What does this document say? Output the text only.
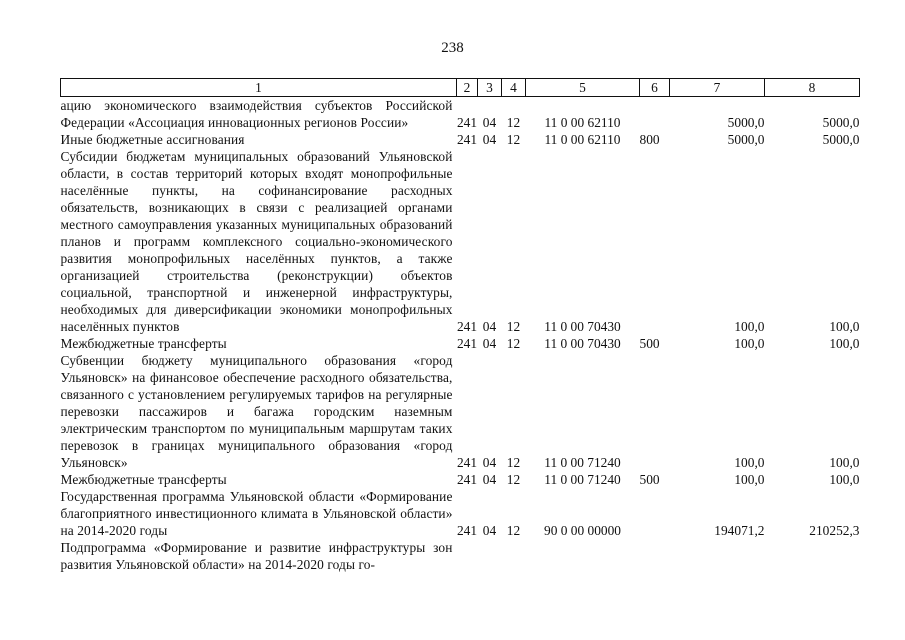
238
1	2	3	4	5	6	7	8
ацию экономического взаимодействия субъектов Российской Федерации «Ассоциация инновационных регионов России»	241	04	12	11 0 00 62110		5000,0	5000,0
Иные бюджетные ассигнования	241	04	12	11 0 00 62110	800	5000,0	5000,0
Субсидии бюджетам муниципальных образований Ульяновской области, в состав территорий которых входят монопрофильные населённые пункты, на софинансирование расходных обязательств, возникающих в связи с реализацией органами местного самоуправления указанных муниципальных образований планов и программ комплексного социально-экономического развития монопрофильных населённых пунктов, а также организацией строительства (реконструкции) объектов социальной, транспортной и инженерной инфраструктуры, необходимых для диверсификации экономики монопрофильных населённых пунктов	241	04	12	11 0 00 70430		100,0	100,0
Межбюджетные трансферты	241	04	12	11 0 00 70430	500	100,0	100,0
Субвенции бюджету муниципального образования «город Ульяновск» на финансовое обеспечение расходного обязательства, связанного с установлением регулируемых тарифов на регулярные перевозки пассажиров и багажа городским наземным электрическим транспортом по муниципальным маршрутам таких перевозок в границах муниципального образования «город Ульяновск»	241	04	12	11 0 00 71240		100,0	100,0
Межбюджетные трансферты	241	04	12	11 0 00 71240	500	100,0	100,0
Государственная программа Ульяновской области «Формирование благоприятного инвестиционного климата в Ульяновской области» на 2014-2020 годы	241	04	12	90 0 00 00000		194071,2	210252,3
Подпрограмма «Формирование и развитие инфраструктуры зон развития Ульяновской области» на 2014-2020 годы го-							
